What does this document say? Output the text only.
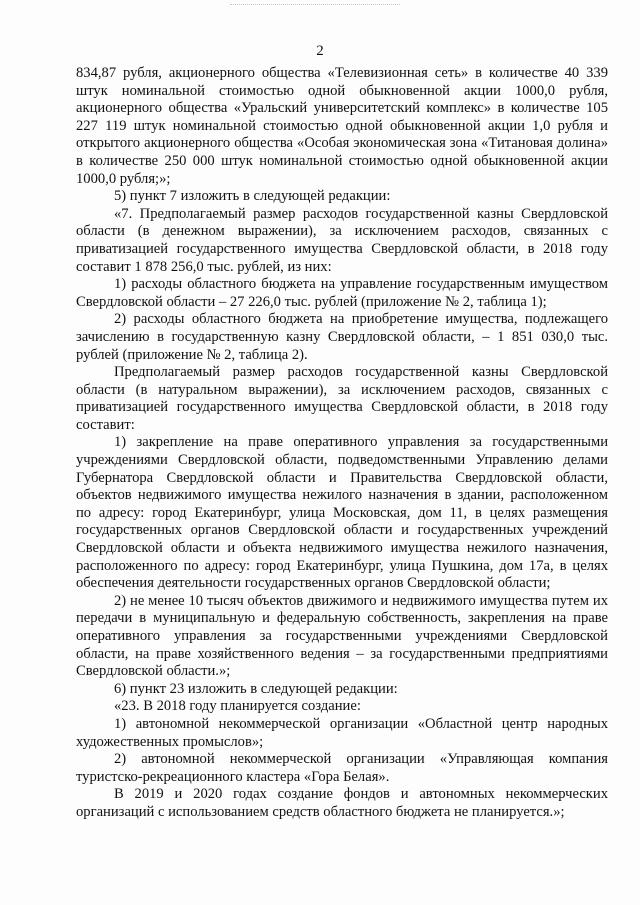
2

834,87 рубля, акционерного общества «Телевизионная сеть» в количестве 40 339 штук номинальной стоимостью одной обыкновенной акции 1000,0 рубля, акционерного общества «Уральский университетский комплекс» в количестве 105 227 119 штук номинальной стоимостью одной обыкновенной акции 1,0 рубля и открытого акционерного общества «Особая экономическая зона «Титановая долина» в количестве 250 000 штук номинальной стоимостью одной обыкновенной акции 1000,0 рубля;»;

5) пункт 7 изложить в следующей редакции:

«7. Предполагаемый размер расходов государственной казны Свердловской области (в денежном выражении), за исключением расходов, связанных с приватизацией государственного имущества Свердловской области, в 2018 году составит 1 878 256,0 тыс. рублей, из них:

1) расходы областного бюджета на управление государственным имуществом Свердловской области – 27 226,0 тыс. рублей (приложение № 2, таблица 1);

2) расходы областного бюджета на приобретение имущества, подлежащего зачислению в государственную казну Свердловской области, – 1 851 030,0 тыс. рублей (приложение № 2, таблица 2).

Предполагаемый размер расходов государственной казны Свердловской области (в натуральном выражении), за исключением расходов, связанных с приватизацией государственного имущества Свердловской области, в 2018 году составит:

1) закрепление на праве оперативного управления за государственными учреждениями Свердловской области, подведомственными Управлению делами Губернатора Свердловской области и Правительства Свердловской области, объектов недвижимого имущества нежилого назначения в здании, расположенном по адресу: город Екатеринбург, улица Московская, дом 11, в целях размещения государственных органов Свердловской области и государственных учреждений Свердловской области и объекта недвижимого имущества нежилого назначения, расположенного по адресу: город Екатеринбург, улица Пушкина, дом 17а, в целях обеспечения деятельности государственных органов Свердловской области;

2) не менее 10 тысяч объектов движимого и недвижимого имущества путем их передачи в муниципальную и федеральную собственность, закрепления на праве оперативного управления за государственными учреждениями Свердловской области, на праве хозяйственного ведения – за государственными предприятиями Свердловской области.»;

6) пункт 23 изложить в следующей редакции:

«23. В 2018 году планируется создание:

1) автономной некоммерческой организации «Областной центр народных художественных промыслов»;

2) автономной некоммерческой организации «Управляющая компания туристско-рекреационного кластера «Гора Белая».

В 2019 и 2020 годах создание фондов и автономных некоммерческих организаций с использованием средств областного бюджета не планируется.»;
